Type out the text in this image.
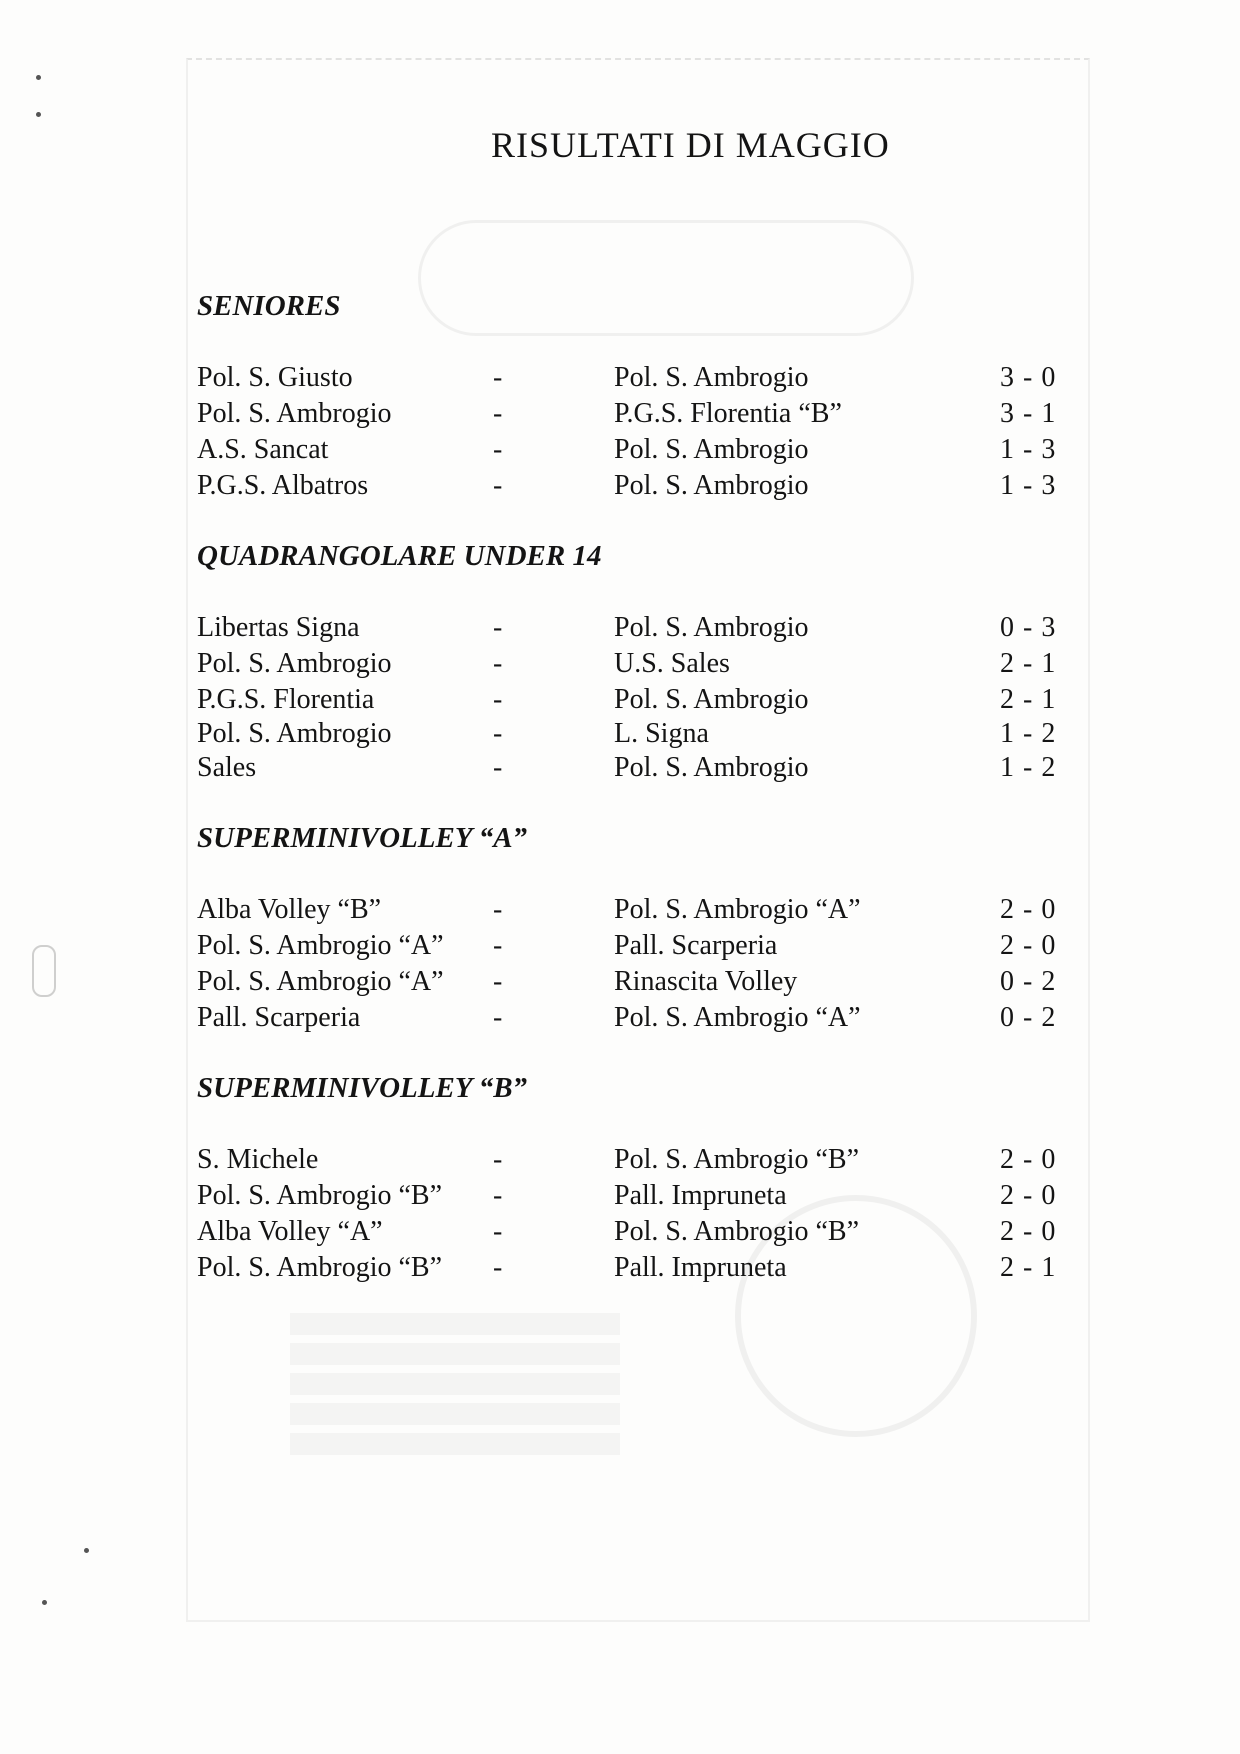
RISULTATI DI MAGGIO
SENIORES
Pol. S. Giusto	-	Pol. S. Ambrogio	3 - 0
Pol. S. Ambrogio	-	P.G.S. Florentia “B”	3 - 1
A.S. Sancat	-	Pol. S. Ambrogio	1 - 3
P.G.S. Albatros	-	Pol. S. Ambrogio	1 - 3
QUADRANGOLARE UNDER 14
Libertas Signa	-	Pol. S. Ambrogio	0 - 3
Pol. S. Ambrogio	-	U.S. Sales	2 - 1
P.G.S. Florentia	-	Pol. S. Ambrogio	2 - 1
Pol. S. Ambrogio	-	L. Signa	1 - 2
Sales	-	Pol. S. Ambrogio	1 - 2
SUPERMINIVOLLEY “A”
Alba Volley “B”	-	Pol. S. Ambrogio “A”	2 - 0
Pol. S. Ambrogio “A” -	Pall. Scarperia	2 - 0
Pol. S. Ambrogio “A” -	Rinascita Volley	0 - 2
Pall. Scarperia	-	Pol. S. Ambrogio “A”	0 - 2
SUPERMINIVOLLEY “B”
S. Michele	-	Pol. S. Ambrogio “B”	2 - 0
Pol. S. Ambrogio “B” -	Pall. Impruneta	2 - 0
Alba Volley “A”	-	Pol. S. Ambrogio “B”	2 - 0
Pol. S. Ambrogio “B” -	Pall. Impruneta	2 - 1
